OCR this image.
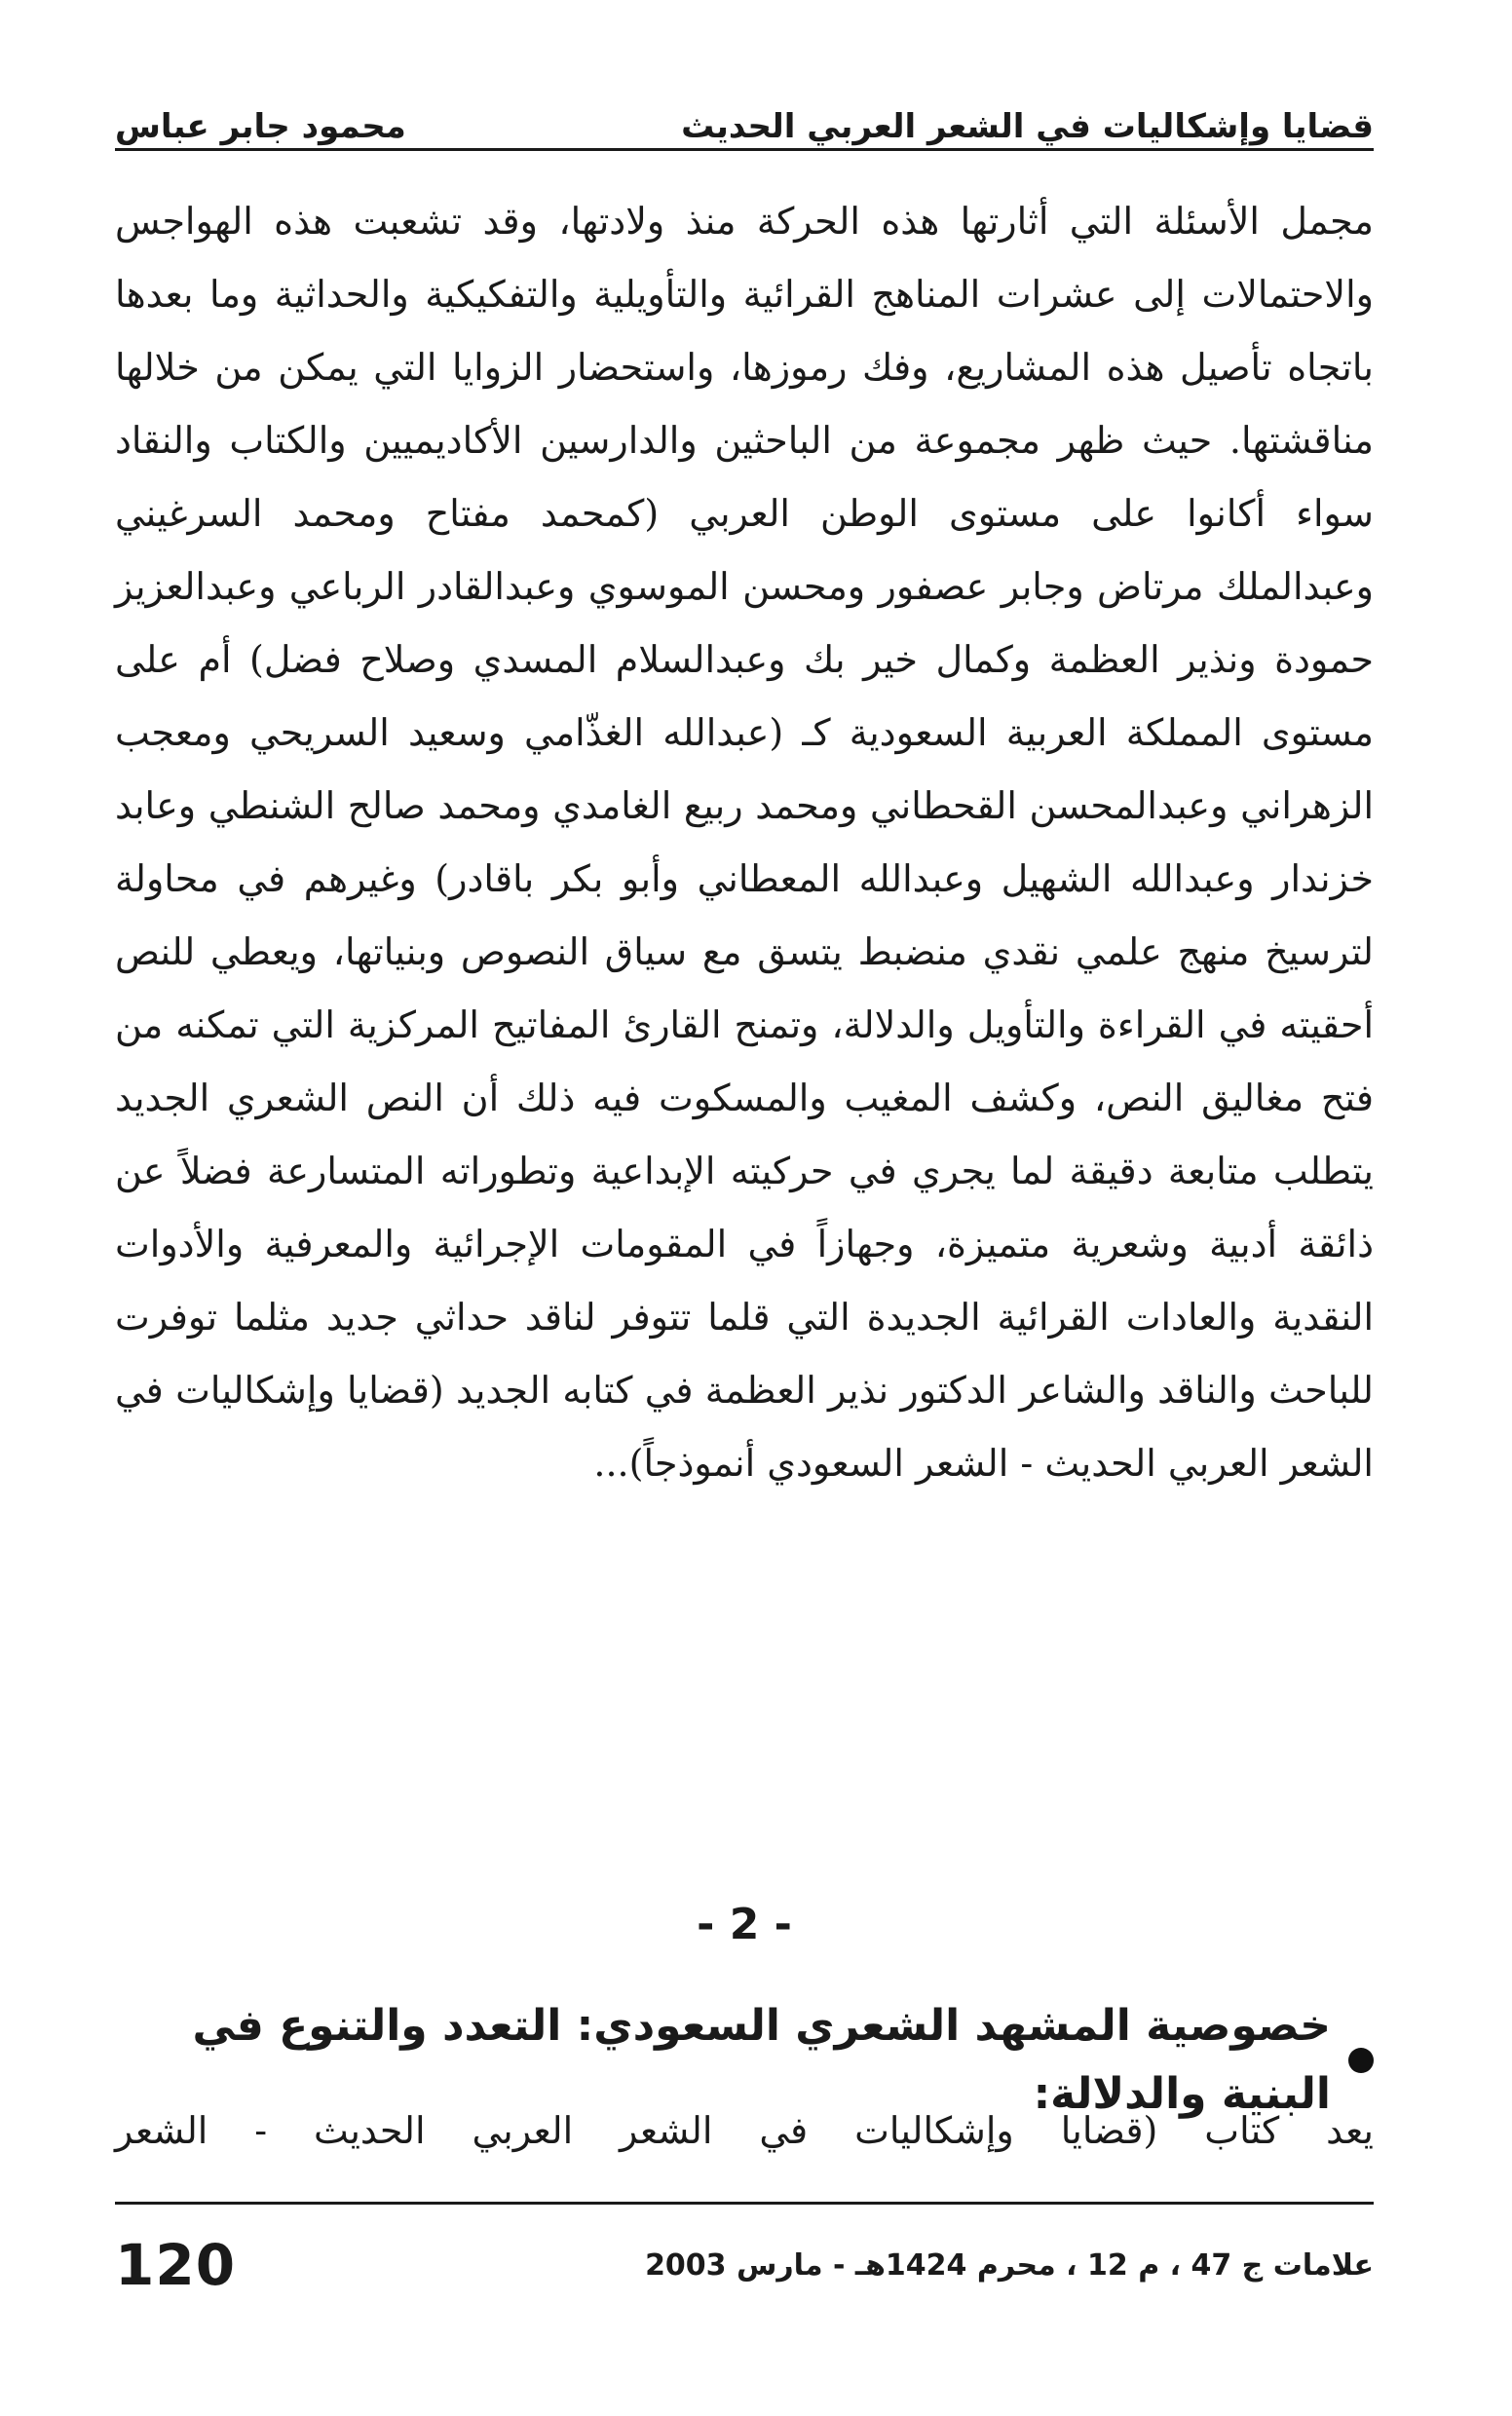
قضايا وإشكاليات في الشعر العربي الحديث
محمود جابر عباس

مجمل الأسئلة التي أثارتها هذه الحركة منذ ولادتها، وقد تشعبت هذه الهواجس والاحتمالات إلى عشرات المناهج القرائية والتأويلية والتفكيكية والحداثية وما بعدها باتجاه تأصيل هذه المشاريع، وفك رموزها، واستحضار الزوايا التي يمكن من خلالها مناقشتها. حيث ظهر مجموعة من الباحثين والدارسين الأكاديميين والكتاب والنقاد سواء أكانوا على مستوى الوطن العربي (كمحمد مفتاح ومحمد السرغيني وعبدالملك مرتاض وجابر عصفور ومحسن الموسوي وعبدالقادر الرباعي وعبدالعزيز حمودة ونذير العظمة وكمال خير بك وعبدالسلام المسدي وصلاح فضل) أم على مستوى المملكة العربية السعودية كـ (عبدالله الغذّامي وسعيد السريحي ومعجب الزهراني وعبدالمحسن القحطاني ومحمد ربيع الغامدي ومحمد صالح الشنطي وعابد خزندار وعبدالله الشهيل وعبدالله المعطاني وأبو بكر باقادر) وغيرهم في محاولة لترسيخ منهج علمي نقدي منضبط يتسق مع سياق النصوص وبنياتها، ويعطي للنص أحقيته في القراءة والتأويل والدلالة، وتمنح القارئ المفاتيح المركزية التي تمكنه من فتح مغاليق النص، وكشف المغيب والمسكوت فيه ذلك أن النص الشعري الجديد يتطلب متابعة دقيقة لما يجري في حركيته الإبداعية وتطوراته المتسارعة فضلاً عن ذائقة أدبية وشعرية متميزة، وجهازاً في المقومات الإجرائية والمعرفية والأدوات النقدية والعادات القرائية الجديدة التي قلما تتوفر لناقد حداثي جديد مثلما توفرت للباحث والناقد والشاعر الدكتور نذير العظمة في كتابه الجديد (قضايا وإشكاليات في الشعر العربي الحديث - الشعر السعودي أنموذجاً)...

- 2 -
خصوصية المشهد الشعري السعودي: التعدد والتنوع في البنية والدلالة:
يعد كتاب (قضايا وإشكاليات في الشعر العربي الحديث - الشعر
علامات ج 47 ، م 12 ، محرم 1424هـ - مارس 2003
120
